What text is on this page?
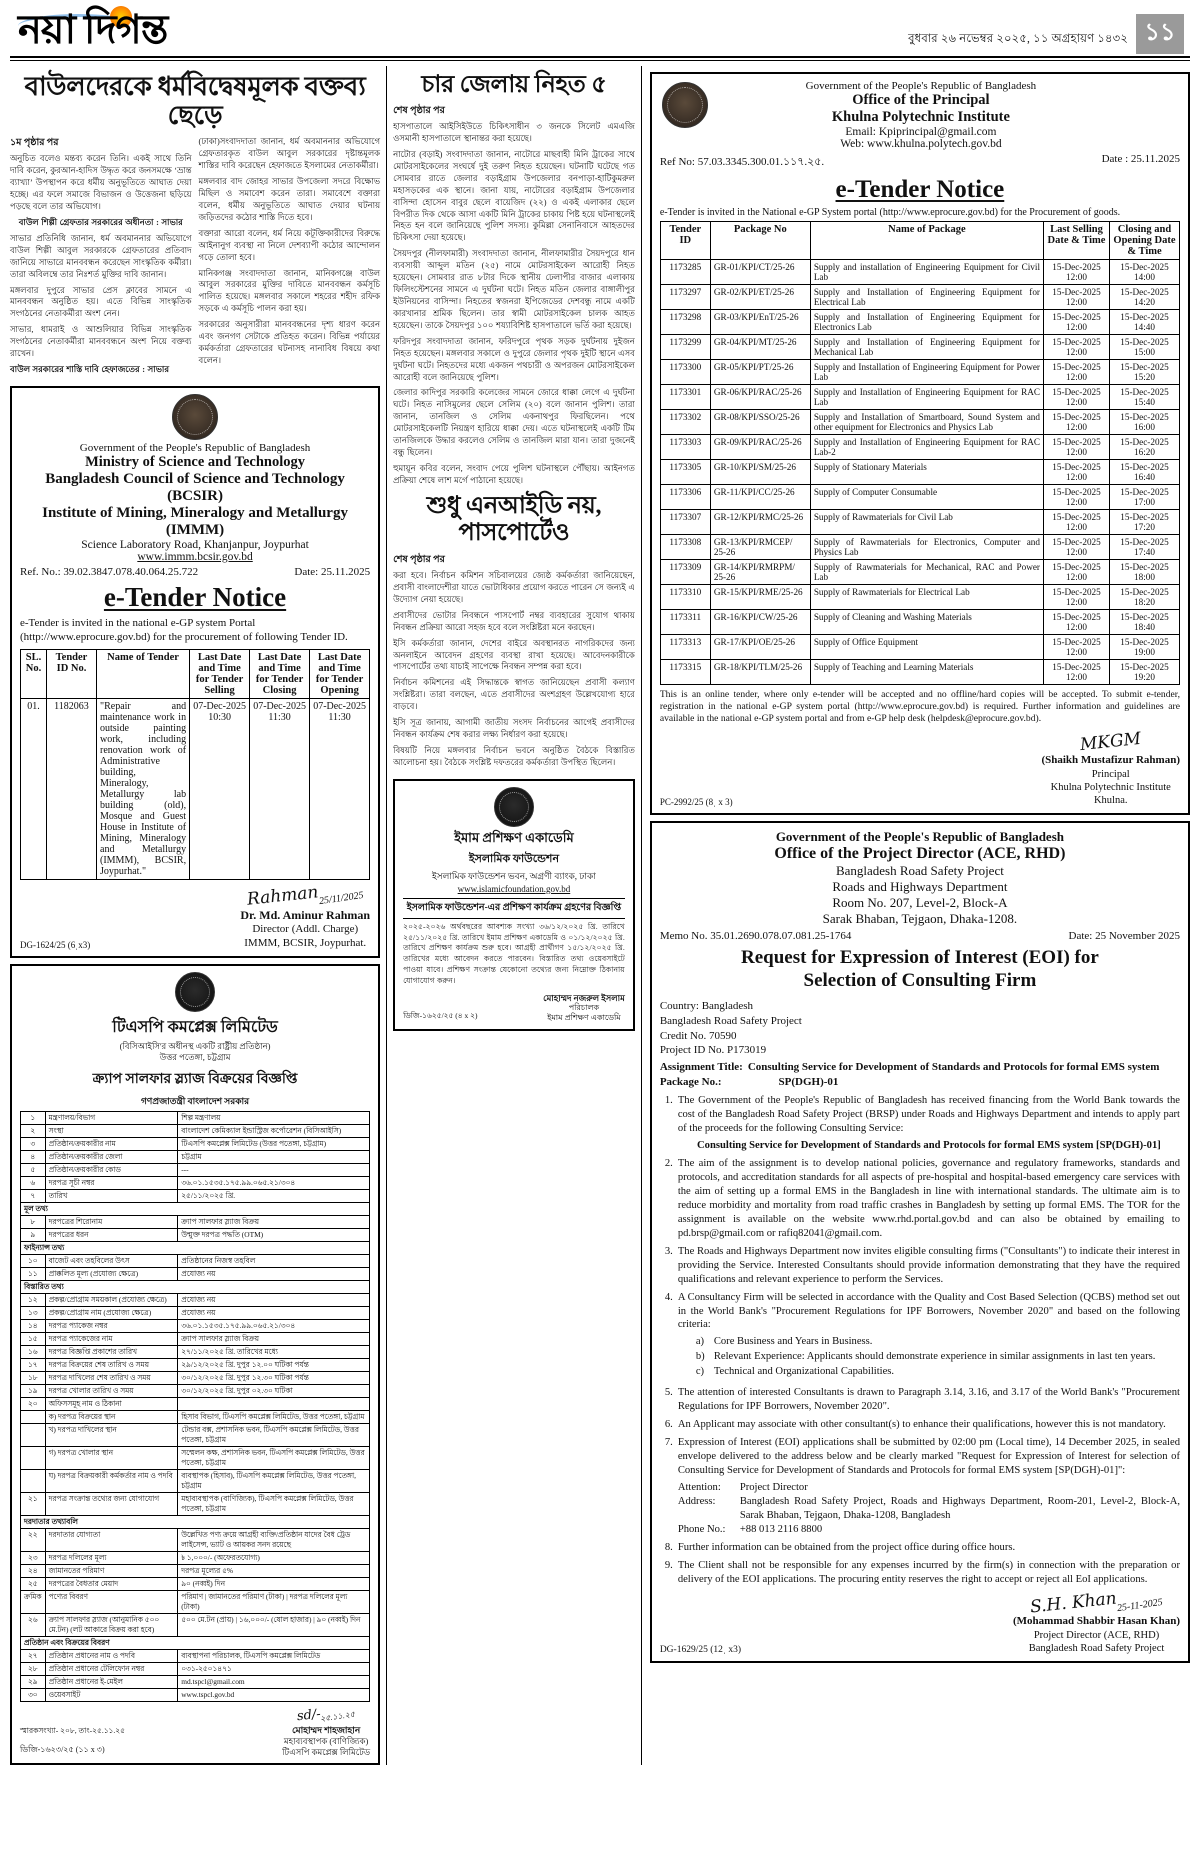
নয়া দিগন্ত	বুধবার ২৬ নভেম্বর ২০২৫, ১১ অগ্রহায়ণ ১৪৩২ ১১
বাউলদেরকে ধর্মবিদ্বেষমূলক বক্তব্য ছেড়ে
১ম পৃষ্ঠার পর

অনুচিত বলেও মন্তব্য করেন তিনি। একই সাথে তিনি দাবি করেন, কুরআন-হাদিস উদ্ধৃত করে জনসমক্ষে ‘ভ্রান্ত ব্যাখ্যা’ উপস্থাপন করে ধর্মীয় অনুভূতিতে আঘাত দেয়া হচ্ছে। এর ফলে সমাজে বিভাজন ও উত্তেজনা ছড়িয়ে পড়ছে বলে তার অভিযোগ।

বাউল শিল্পী গ্রেফতার সরকারের অধীনতা : সাভার

সাভার প্রতিনিধি জানান, ধর্ম অবমাননার অভিযোগে বাউল শিল্পী আবুল সরকারকে গ্রেফতারের প্রতিবাদ জানিয়ে সাভারে মানববন্ধন করেছেন সাংস্কৃতিক কর্মীরা। তারা অবিলম্বে তার নিঃশর্ত মুক্তির দাবি জানান।

মঙ্গলবার দুপুরে সাভার প্রেস ক্লাবের সামনে এ মানববন্ধন অনুষ্ঠিত হয়। এতে বিভিন্ন সাংস্কৃতিক সংগঠনের নেতাকর্মীরা অংশ নেন।

সাভার, ধামরাই ও আশুলিয়ার বিভিন্ন সাংস্কৃতিক সংগঠনের নেতাকর্মীরা মানববন্ধনে অংশ নিয়ে বক্তব্য রাখেন।

বাউল সরকারের শাস্তি দাবি হেফাজতের : সাভার

(ঢাকা)সংবাদদাতা জানান, ধর্ম অবমাননার অভিযোগে গ্রেফতারকৃত বাউল আবুল সরকারের দৃষ্টান্তমূলক শাস্তির দাবি করেছেন হেফাজতে ইসলামের নেতাকর্মীরা।

মঙ্গলবার বাদ জোহর সাভার উপজেলা সদরে বিক্ষোভ মিছিল ও সমাবেশ করেন তারা। সমাবেশে বক্তারা বলেন, ধর্মীয় অনুভূতিতে আঘাত দেয়ার ঘটনায় জড়িতদের কঠোর শাস্তি দিতে হবে।

বক্তারা আরো বলেন, ধর্ম নিয়ে কটূক্তিকারীদের বিরুদ্ধে আইনানুগ ব্যবস্থা না নিলে দেশব্যাপী কঠোর আন্দোলন গড়ে তোলা হবে।

মানিকগঞ্জ সংবাদদাতা জানান, মানিকগঞ্জে বাউল আবুল সরকারের মুক্তির দাবিতে মানববন্ধন কর্মসূচি পালিত হয়েছে। মঙ্গলবার সকালে শহরের শহীদ রফিক সড়কে এ কর্মসূচি পালন করা হয়।

সরকারের অনুসারীরা মানববন্ধনের দৃশ্য ধারণ করেন এবং জনগণ সেটাকে প্রতিহত করেন। বিভিন্ন পর্যায়ের কর্মকর্তারা গ্রেফতারের ঘটনাসহ নানাবিধ বিষয়ে কথা বলেন।

Government of the People's Republic of Bangladesh
Ministry of Science and Technology
Bangladesh Council of Science and Technology (BCSIR)
Institute of Mining, Mineralogy and Metallurgy (IMMM)
Science Laboratory Road, Khanjanpur, Joypurhat
www.immm.bcsir.gov.bd
Ref. No.: 39.02.3847.078.40.064.25.722	Date: 25.11.2025
e-Tender Notice
e-Tender is invited in the national e-GP system Portal (http://www.eprocure.gov.bd) for the procurement of following Tender ID.
SL. No.	Tender ID No.	Name of Tender	Last Date and Time for Tender Selling	Last Date and Time for Tender Closing	Last Date and Time for Tender Opening
01.	1182063	"Repair and maintenance work in outside painting work, including renovation work of Administrative building, Mineralogy, Metallurgy lab building (old), Mosque and Guest House in Institute of Mining, Mineralogy and Metallurgy (IMMM), BCSIR, Joypurhat."	07-Dec-2025 10:30	07-Dec-2025 11:30	07-Dec-2025 11:30
DG-1624/25 (6ˌx3)
Rahman25/11/2025
Dr. Md. Aminur Rahman
Director (Addl. Charge)
IMMM, BCSIR, Joypurhat.
টিএসপি কমপ্লেক্স লিমিটেড
(বিসিআইসি'র অধীনস্থ একটি রাষ্ট্রীয় প্রতিষ্ঠান)
উত্তর পতেঙ্গা, চট্টগ্রাম
ক্র্যাপ সালফার স্ল্যাজ বিক্রয়ের বিজ্ঞপ্তি
গণপ্রজাতন্ত্রী বাংলাদেশ সরকার
১	মন্ত্রণালয়/বিভাগ	শিল্প মন্ত্রণালয়
২	সংস্থা	বাংলাদেশ কেমিক্যাল ইন্ডাস্ট্রিজ কর্পোরেশন (বিসিআইসি)
৩	প্রতিষ্ঠান/ক্রয়কারীর নাম	টিএসপি কমপ্লেক্স লিমিটেড (উত্তর পতেঙ্গা, চট্টগ্রাম)
৪	প্রতিষ্ঠান/ক্রয়কারীর জেলা	চট্টগ্রাম
৫	প্রতিষ্ঠান/ক্রয়কারীর কোড	---
৬	দরপত্র সূচী নম্বর	৩৬.০১.১৫৩৫.১৭৫.৯৯.০৬৫.২১/৩০৪
৭	তারিখ	২৫/১১/২০২৫ খ্রি.
মূল তথ্য		
৮	দরপত্রের শিরোনাম	ক্র্যাপ সালফার স্ল্যাজ বিক্রয়
৯	দরপত্রের ধরন	উন্মুক্ত দরপত্র পদ্ধতি (OTM)
ফাইন্যান্স তথ্য		
১০	বাজেট এবং তহবিলের উৎস	প্রতিষ্ঠানের নিজস্ব তহবিল
১১	প্রাক্কলিত মূল্য (প্রযোজ্য ক্ষেত্রে)	প্রযোজ্য নয়
বিস্তারিত তথ্য		
১২	প্রকল্প/প্রোগ্রাম সময়কাল (প্রযোজ্য ক্ষেত্রে)	প্রযোজ্য নয়
১৩	প্রকল্প/প্রোগ্রাম নাম (প্রযোজ্য ক্ষেত্রে)	প্রযোজ্য নয়
১৪	দরপত্র প্যাকেজ নম্বর	৩৬.০১.১৫৩৫.১৭৫.৯৯.০৬৫.২১/৩০৪
১৫	দরপত্র প্যাকেজের নাম	ক্র্যাপ সালফার স্ল্যাজ বিক্রয়
১৬	দরপত্র বিজ্ঞপ্তি প্রকাশের তারিখ	২৭/১১/২০২৫ খ্রি. তারিখের মধ্যে
১৭	দরপত্র বিক্রয়ের শেষ তারিখ ও সময়	২৯/১২/২০২৫ খ্রি. দুপুর ১২.০০ ঘটিকা পর্যন্ত
১৮	দরপত্র দাখিলের শেষ তারিখ ও সময়	৩০/১২/২০২৫ খ্রি. দুপুর ১২.৩০ ঘটিকা পর্যন্ত
১৯	দরপত্র খোলার তারিখ ও সময়	৩০/১২/২০২৫ খ্রি. দুপুর ০২.৩০ ঘটিকা
২০	অফিসসমূহ নাম ও ঠিকানা	
	ক) দরপত্র বিক্রয়ের স্থান	হিসাব বিভাগ, টিএসপি কমপ্লেক্স লিমিটেড, উত্তর পতেঙ্গা, চট্টগ্রাম
	খ) দরপত্র দাখিলের স্থান	টেন্ডার বক্স, প্রশাসনিক ভবন, টিএসপি কমপ্লেক্স লিমিটেড, উত্তর পতেঙ্গা, চট্টগ্রাম
	গ) দরপত্র খোলার স্থান	সম্মেলন কক্ষ, প্রশাসনিক ভবন, টিএসপি কমপ্লেক্স লিমিটেড, উত্তর পতেঙ্গা, চট্টগ্রাম
	ঘ) দরপত্র বিক্রয়কারী কর্মকর্তার নাম ও পদবি	ব্যবস্থাপক (হিসাব), টিএসপি কমপ্লেক্স লিমিটেড, উত্তর পতেঙ্গা, চট্টগ্রাম
২১	দরপত্র সংক্রান্ত তথ্যের জন্য যোগাযোগ	মহাব্যবস্থাপক (বাণিজ্যিক), টিএসপি কমপ্লেক্স লিমিটেড, উত্তর পতেঙ্গা, চট্টগ্রাম
দরদাতার তথ্যাবলি		
২২	দরদাতার যোগ্যতা	উল্লেখিত পণ্য ক্রয়ে আগ্রহী ব্যক্তি/প্রতিষ্ঠান যাদের বৈধ ট্রেড লাইসেন্স, ভ্যাট ও আয়কর সনদ রয়েছে
২৩	দরপত্র দলিলের মূল্য	৳ ১,০০০/- (অফেরতযোগ্য)
২৪	জামানতের পরিমাণ	দরপত্র মূল্যের ৫%
২৫	দরপত্রের বৈধতার মেয়াদ	৯০ (নব্বই) দিন
ক্রমিক	পণ্যের বিবরণ	পরিমাণ | জামানতের পরিমাণ (টাকা) | দরপত্র দলিলের মূল্য (টাকা)
২৬	ক্র্যাপ সালফার স্ল্যাজ (আনুমানিক ৫০০ মে.টন) (লট আকারে বিক্রয় করা হবে)	৫০০ মে.টন (প্রায়) | ১৬,০০০/- (ষোল হাজার) | ৯০ (নব্বই) দিন
প্রতিষ্ঠান এবং বিক্রয়ের বিবরণ		
২৭	প্রতিষ্ঠান প্রধানের নাম ও পদবি	ব্যবস্থাপনা পরিচালক, টিএসপি কমপ্লেক্স লিমিটেড
২৮	প্রতিষ্ঠান প্রধানের টেলিফোন নম্বর	০৩১-২৫০১৪৭১
২৯	প্রতিষ্ঠান প্রধানের ই-মেইল	md.tspcl@gmail.com
৩০	ওয়েবসাইট	www.tspcl.gov.bd
স্মারকসংখ্যা- ২০৮, তাং-২৫.১১.২৫
ডিজি-১৬২৩/২৫ (১১ x ৩)
sd/-২৫.১১.২৫
মোহাম্মদ শাহজাহান
মহাব্যবস্থাপক (বাণিজ্যিক)
টিএসপি কমপ্লেক্স লিমিটেড
চার জেলায় নিহত ৫
শেষ পৃষ্ঠার পর

হাসপাতালে আইসিইউতে চিকিৎসাধীন ৩ জনকে সিলেট এমএজি ওসমানী হাসপাতালে স্থানান্তর করা হয়েছে।

নাটোর (বড়াই) সংবাদদাতা জানান, নাটোরে মাছবাহী মিনি ট্রাকের সাথে মোটরসাইকেলের সংঘর্ষে দুই তরুণ নিহত হয়েছেন। ঘটনাটি ঘটেছে গত সোমবার রাতে জেলার বড়াইগ্রাম উপজেলার বনপাড়া-হাটিকুমরুল মহাসড়কের এক স্থানে। জানা যায়, নাটোরের বড়াইগ্রাম উপজেলার বাসিন্দা হোসেন বাবুর ছেলে বায়েজিদ (২২) ও একই এলাকার ছেলে বিপরীত দিক থেকে আসা একটি মিনি ট্রাকের চাকায় পিষ্ট হয়ে ঘটনাস্থলেই নিহত হন বলে জানিয়েছে পুলিশ সদস্য। কুমিল্লা সেনানিবাসে আহতদের চিকিৎসা দেয়া হয়েছে।

সৈয়দপুর (নীলফামারী) সংবাদদাতা জানান, নীলফামারীর সৈয়দপুরে ধান ব্যবসায়ী আব্দুল মতিন (২৫) নামে মোটরসাইকেল আরোহী নিহত হয়েছেন। সোমবার রাত ৮টার দিকে স্থানীয় ঢেলাপীর বাজার এলাকায় ফিলিংস্টেশনের সামনে এ দুর্ঘটনা ঘটে। নিহত মতিন জেলার বাঙ্গালীপুর ইউনিয়নের বাসিন্দা। নিহতের স্বজনরা ইপিজেডের দেশবন্ধু নামে একটি কারখানার শ্রমিক ছিলেন। তার স্বামী মোটরসাইকেল চালক আহত হয়েছেন। তাকে সৈয়দপুর ১০০ শয্যাবিশিষ্ট হাসপাতালে ভর্তি করা হয়েছে।

ফরিদপুর সংবাদদাতা জানান, ফরিদপুরে পৃথক সড়ক দুর্ঘটনায় দুইজন নিহত হয়েছেন। মঙ্গলবার সকালে ও দুপুরে জেলার পৃথক দুইটি স্থানে এসব দুর্ঘটনা ঘটে। নিহতদের মধ্যে একজন পথচারী ও অপরজন মোটরসাইকেল আরোহী বলে জানিয়েছে পুলিশ।

জেলার কাদিপুর সরকারি কলেজের সামনে জোরে ধাক্কা লেগে এ দুর্ঘটনা ঘটে। নিহত নাসিমুলের ছেলে সেলিম (২০) বলে জানান পুলিশ। তারা জানান, তানজিল ও সেলিম একনাথপুর ফিরছিলেন। পথে মোটরসাইকেলটি নিয়ন্ত্রণ হারিয়ে ধাক্কা দেয়। এতে ঘটনাস্থলেই একটি টিম তানজিলকে উদ্ধার করলেও সেলিম ও তানজিল মারা যান। তারা দুজনেই বন্ধু ছিলেন।

হুমায়ূন কবির বলেন, সংবাদ পেয়ে পুলিশ ঘটনাস্থলে পৌঁছায়। আইনগত প্রক্রিয়া শেষে লাশ মর্গে পাঠানো হয়েছে।

শুধু এনআইডি নয়, পাসপোর্টেও
শেষ পৃষ্ঠার পর

করা হবে। নির্বাচন কমিশন সচিবালয়ের জ্যেষ্ঠ কর্মকর্তারা জানিয়েছেন, প্রবাসী বাংলাদেশীরা যাতে ভোটাধিকার প্রয়োগ করতে পারেন সে জন্যই এ উদ্যোগ নেয়া হয়েছে।

প্রবাসীদের ভোটার নিবন্ধনে পাসপোর্ট নম্বর ব্যবহারের সুযোগ থাকায় নিবন্ধন প্রক্রিয়া আরো সহজ হবে বলে সংশ্লিষ্টরা মনে করছেন।

ইসি কর্মকর্তারা জানান, দেশের বাইরে অবস্থানরত নাগরিকদের জন্য অনলাইনে আবেদন গ্রহণের ব্যবস্থা রাখা হয়েছে। আবেদনকারীকে পাসপোর্টের তথ্য যাচাই সাপেক্ষে নিবন্ধন সম্পন্ন করা হবে।

নির্বাচন কমিশনের এই সিদ্ধান্তকে স্বাগত জানিয়েছেন প্রবাসী কল্যাণ সংশ্লিষ্টরা। তারা বলছেন, এতে প্রবাসীদের অংশগ্রহণ উল্লেখযোগ্য হারে বাড়বে।

ইসি সূত্র জানায়, আগামী জাতীয় সংসদ নির্বাচনের আগেই প্রবাসীদের নিবন্ধন কার্যক্রম শেষ করার লক্ষ্য নির্ধারণ করা হয়েছে।

বিষয়টি নিয়ে মঙ্গলবার নির্বাচন ভবনে অনুষ্ঠিত বৈঠকে বিস্তারিত আলোচনা হয়। বৈঠকে সংশ্লিষ্ট দফতরের কর্মকর্তারা উপস্থিত ছিলেন।

ইমাম প্রশিক্ষণ একাডেমি
ইসলামিক ফাউন্ডেশন
ইসলামিক ফাউন্ডেশন ভবন, অগ্রণী ব্যাংক, ঢাকা
www.islamicfoundation.gov.bd
ইসলামিক ফাউন্ডেশন-এর প্রশিক্ষণ কার্যক্রম গ্রহণের বিজ্ঞপ্তি
২০২৫-২০২৬ অর্থবছরের আবশ্যক সংখ্যা ৩৬/১২/২০২৫ খ্রি. তারিখে ২৫/১১/২০২৫ খ্রি. তারিখে ইমাম প্রশিক্ষণ একাডেমি ও ০১/১২/২০২৫ খ্রি. তারিখে প্রশিক্ষণ কার্যক্রম শুরু হবে। আগ্রহী প্রার্থীগণ ১৫/১২/২০২৫ খ্রি. তারিখের মধ্যে আবেদন করতে পারবেন। বিস্তারিত তথ্য ওয়েবসাইটে পাওয়া যাবে। প্রশিক্ষণ সংক্রান্ত যেকোনো তথ্যের জন্য নিম্নোক্ত ঠিকানায় যোগাযোগ করুন।
ডিজি-১৬২৫/২৫ (৪ x ২)
মোহাম্মদ নজরুল ইসলাম
পরিচালক
ইমাম প্রশিক্ষণ একাডেমি
Government of the People's Republic of Bangladesh
Office of the Principal
Khulna Polytechnic Institute
Email: Kpiprincipal@gmail.com
Web: www.khulna.polytech.gov.bd
Ref No: 57.03.3345.300.01.১১৭.২৫.	Date : 25.11.2025
e-Tender Notice
e-Tender is invited in the National e-GP System portal (http://www.eprocure.gov.bd) for the Procurement of goods.
Tender ID	Package No	Name of Package	Last Selling Date & Time	Closing and Opening Date & Time
1173285	GR-01/KPI/CT/25-26	Supply and installation of Engineering Equipment for Civil Lab	15-Dec-2025 12:00	15-Dec-2025 14:00
1173297	GR-02/KPI/ET/25-26	Supply and Installation of Engineering Equipment for Electrical Lab	15-Dec-2025 12:00	15-Dec-2025 14:20
1173298	GR-03/KPI/EnT/25-26	Supply and Installation of Engineering Equipment for Electronics Lab	15-Dec-2025 12:00	15-Dec-2025 14:40
1173299	GR-04/KPI/MT/25-26	Supply and Installation of Engineering Equipment for Mechanical Lab	15-Dec-2025 12:00	15-Dec-2025 15:00
1173300	GR-05/KPI/PT/25-26	Supply and Installation of Engineering Equipment for Power Lab	15-Dec-2025 12:00	15-Dec-2025 15:20
1173301	GR-06/KPI/RAC/25-26	Supply and Installation of Engineering Equipment for RAC Lab	15-Dec-2025 12:00	15-Dec-2025 15:40
1173302	GR-08/KPI/SSO/25-26	Supply and Installation of Smartboard, Sound System and other equipment for Electronics and Physics Lab	15-Dec-2025 12:00	15-Dec-2025 16:00
1173303	GR-09/KPI/RAC/25-26	Supply and Installation of Engineering Equipment for RAC Lab-2	15-Dec-2025 12:00	15-Dec-2025 16:20
1173305	GR-10/KPI/SM/25-26	Supply of Stationary Materials	15-Dec-2025 12:00	15-Dec-2025 16:40
1173306	GR-11/KPI/CC/25-26	Supply of Computer Consumable	15-Dec-2025 12:00	15-Dec-2025 17:00
1173307	GR-12/KPI/RMC/25-26	Supply of Rawmaterials for Civil Lab	15-Dec-2025 12:00	15-Dec-2025 17:20
1173308	GR-13/KPI/RMCEP/ 25-26	Supply of Rawmaterials for Electronics, Computer and Physics Lab	15-Dec-2025 12:00	15-Dec-2025 17:40
1173309	GR-14/KPI/RMRPM/ 25-26	Supply of Rawmaterials for Mechanical, RAC and Power Lab	15-Dec-2025 12:00	15-Dec-2025 18:00
1173310	GR-15/KPI/RME/25-26	Supply of Rawmaterials for Electrical Lab	15-Dec-2025 12:00	15-Dec-2025 18:20
1173311	GR-16/KPI/CW/25-26	Supply of Cleaning and Washing Materials	15-Dec-2025 12:00	15-Dec-2025 18:40
1173313	GR-17/KPI/OE/25-26	Supply of Office Equipment	15-Dec-2025 12:00	15-Dec-2025 19:00
1173315	GR-18/KPI/TLM/25-26	Supply of Teaching and Learning Materials	15-Dec-2025 12:00	15-Dec-2025 19:20
This is an online tender, where only e-tender will be accepted and no offline/hard copies will be accepted. To submit e-tender, registration in the national e-GP system portal (http://www.eprocure.gov.bd) is required. Further information and guidelines are available in the national e-GP system portal and from e-GP help desk (helpdesk@eprocure.gov.bd).
PC-2992/25 (8ˌ x 3)
MKGM
(Shaikh Mustafizur Rahman)
Principal
Khulna Polytechnic Institute
Khulna.
Government of the People's Republic of Bangladesh
Office of the Project Director (ACE, RHD)
Bangladesh Road Safety Project
Roads and Highways Department
Room No. 207, Level-2, Block-A
Sarak Bhaban, Tejgaon, Dhaka-1208.
Memo No. 35.01.2690.078.07.081.25-1764	Date: 25 November 2025
Request for Expression of Interest (EOI) for
Selection of Consulting Firm
Country: Bangladesh
Bangladesh Road Safety Project
Credit No. 70590
Project ID No. P173019
Assignment Title: Consulting Service for Development of Standards and Protocols for formal EMS system
Package No.:	SP(DGH)-01
1. The Government of the People's Republic of Bangladesh has received financing from the World Bank towards the cost of the Bangladesh Road Safety Project (BRSP) under Roads and Highways Department and intends to apply part of the proceeds for the following Consulting Service:
Consulting Service for Development of Standards and Protocols for formal EMS system [SP(DGH)-01]
2. The aim of the assignment is to develop national policies, governance and regulatory frameworks, standards and protocols, and accreditation standards for all aspects of pre-hospital and hospital-based emergency care services with the aim of setting up a formal EMS in the Bangladesh in line with international standards. The ultimate aim is to reduce morbidity and mortality from road traffic crashes in Bangladesh by setting up formal EMS. The TOR for the assignment is available on the website www.rhd.portal.gov.bd and can also be obtained by emailing to pd.brsp@gmail.com or rafiq82041@gmail.com.
3. The Roads and Highways Department now invites eligible consulting firms ("Consultants") to indicate their interest in providing the Service. Interested Consultants should provide information demonstrating that they have the required qualifications and relevant experience to perform the Services.
4. A Consultancy Firm will be selected in accordance with the Quality and Cost Based Selection (QCBS) method set out in the World Bank's "Procurement Regulations for IPF Borrowers, November 2020" and based on the following criteria:
a) Core Business and Years in Business.
b) Relevant Experience: Applicants should demonstrate experience in similar assignments in last ten years.
c) Technical and Organizational Capabilities.
5. The attention of interested Consultants is drawn to Paragraph 3.14, 3.16, and 3.17 of the World Bank's "Procurement Regulations for IPF Borrowers, November 2020".
6. An Applicant may associate with other consultant(s) to enhance their qualifications, however this is not mandatory.
7. Expression of Interest (EOI) applications shall be submitted by 02:00 pm (Local time), 14 December 2025, in sealed envelope delivered to the address below and be clearly marked "Request for Expression of Interest for selection of Consulting Service for Development of Standards and Protocols for formal EMS system [SP(DGH)-01]":
Attention:	Project Director
Address:	Bangladesh Road Safety Project, Roads and Highways Department, Room-201, Level-2, Block-A, Sarak Bhaban, Tejgaon, Dhaka-1208, Bangladesh
Phone No.:	+88 013 2116 8800
8. Further information can be obtained from the project office during office hours.
9. The Client shall not be responsible for any expenses incurred by the firm(s) in connection with the preparation or delivery of the EOI applications. The procuring entity reserves the right to accept or reject all EoI applications.
DG-1629/25 (12ˌ x3)
S.H. Khan25-11-2025
(Mohammad Shabbir Hasan Khan)
Project Director (ACE, RHD)
Bangladesh Road Safety Project
